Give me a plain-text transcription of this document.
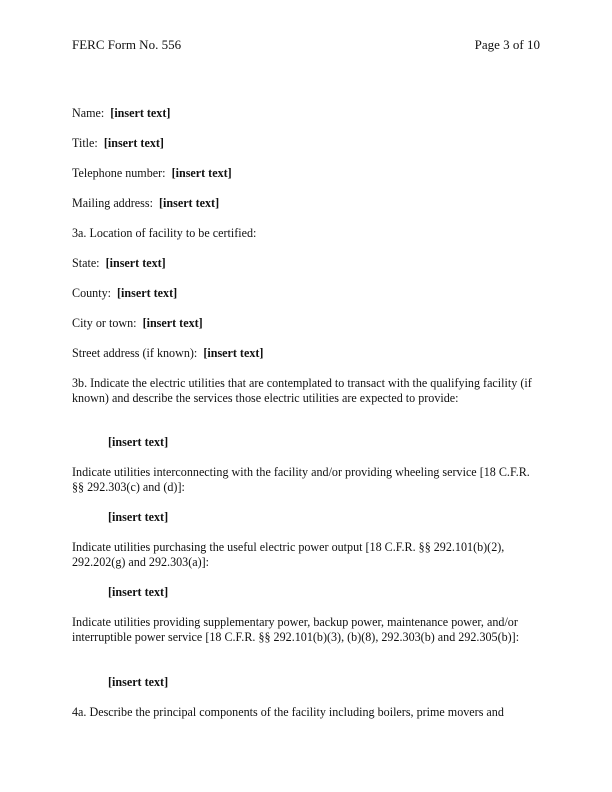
FERC Form No. 556	Page 3 of 10
Name: [insert text]
Title: [insert text]
Telephone number: [insert text]
Mailing address: [insert text]
3a. Location of facility to be certified:
State: [insert text]
County: [insert text]
City or town: [insert text]
Street address (if known): [insert text]
3b. Indicate the electric utilities that are contemplated to transact with the qualifying facility (if known) and describe the services those electric utilities are expected to provide:
[insert text]
Indicate utilities interconnecting with the facility and/or providing wheeling service [18 C.F.R. §§ 292.303(c) and (d)]:
[insert text]
Indicate utilities purchasing the useful electric power output [18 C.F.R. §§ 292.101(b)(2), 292.202(g) and 292.303(a)]:
[insert text]
Indicate utilities providing supplementary power, backup power, maintenance power, and/or interruptible power service [18 C.F.R. §§ 292.101(b)(3), (b)(8), 292.303(b) and 292.305(b)]:
[insert text]
4a. Describe the principal components of the facility including boilers, prime movers and
